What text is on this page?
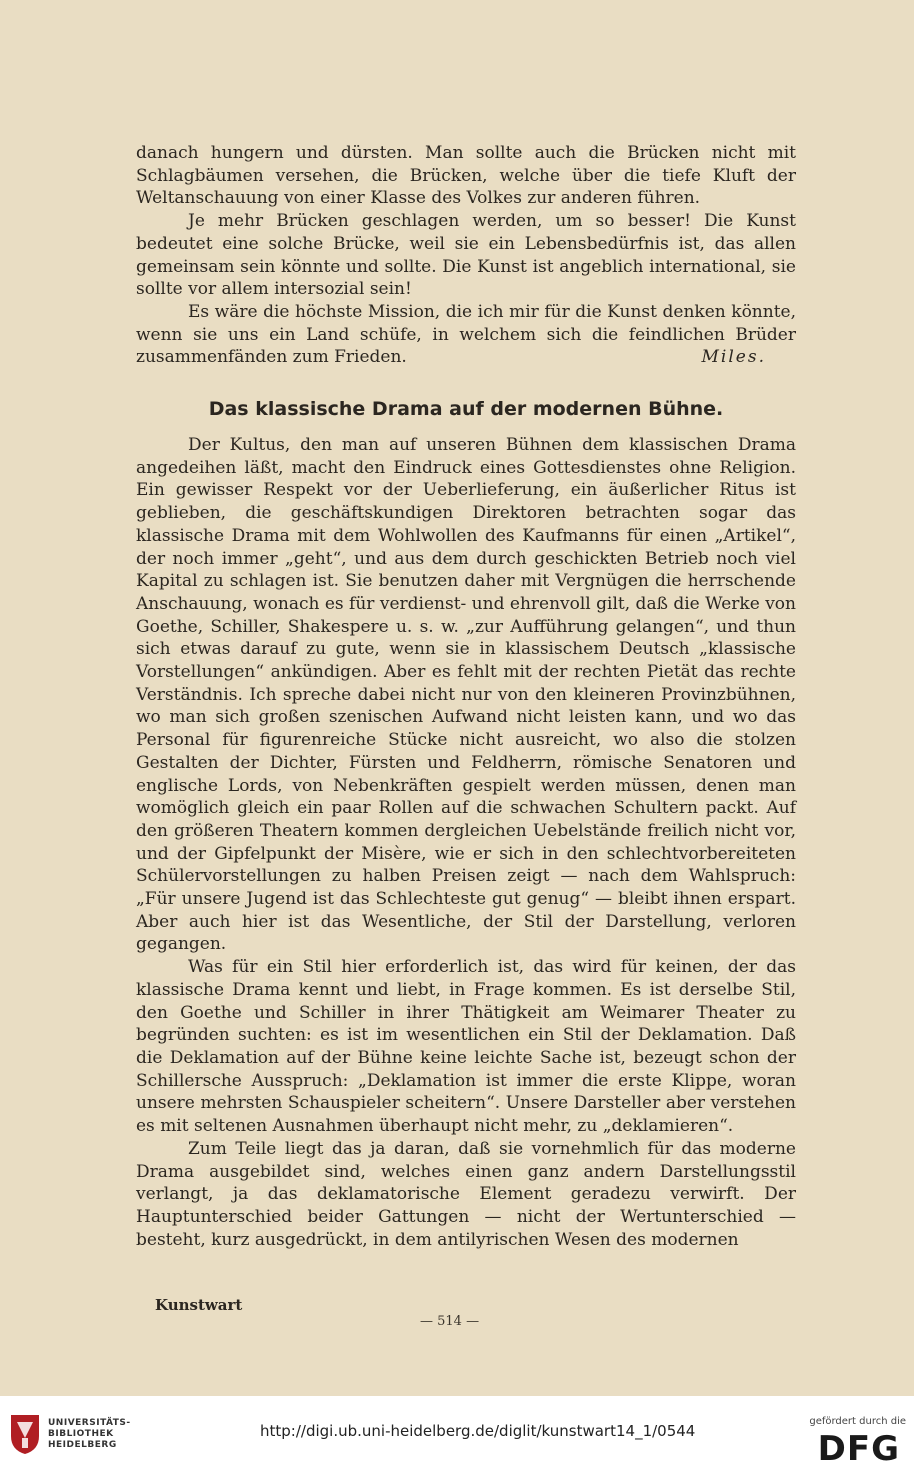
danach hungern und dürsten. Man sollte auch die Brücken nicht mit Schlagbäumen versehen, die Brücken, welche über die tiefe Kluft der Weltanschauung von einer Klasse des Volkes zur anderen führen.

Je mehr Brücken geschlagen werden, um so besser! Die Kunst bedeutet eine solche Brücke, weil sie ein Lebensbedürfnis ist, das allen gemeinsam sein könnte und sollte. Die Kunst ist angeblich international, sie sollte vor allem intersozial sein!

Es wäre die höchste Mission, die ich mir für die Kunst denken könnte, wenn sie uns ein Land schüfe, in welchem sich die feindlichen Brüder zusammenfänden zum Frieden.	Miles.
Das klassische Drama auf der modernen Bühne.

Der Kultus, den man auf unseren Bühnen dem klassischen Drama angedeihen läßt, macht den Eindruck eines Gottesdienstes ohne Religion. Ein gewisser Respekt vor der Ueberlieferung, ein äußerlicher Ritus ist geblieben, die geschäftskundigen Direktoren betrachten sogar das klassische Drama mit dem Wohlwollen des Kaufmanns für einen „Artikel“, der noch immer „geht“, und aus dem durch geschickten Betrieb noch viel Kapital zu schlagen ist. Sie benutzen daher mit Vergnügen die herrschende Anschauung, wonach es für verdienst- und ehrenvoll gilt, daß die Werke von Goethe, Schiller, Shakespere u. s. w. „zur Aufführung gelangen“, und thun sich etwas darauf zu gute, wenn sie in klassischem Deutsch „klassische Vorstellungen“ ankündigen. Aber es fehlt mit der rechten Pietät das rechte Verständnis. Ich spreche dabei nicht nur von den kleineren Provinzbühnen, wo man sich großen szenischen Aufwand nicht leisten kann, und wo das Personal für figurenreiche Stücke nicht ausreicht, wo also die stolzen Gestalten der Dichter, Fürsten und Feldherrn, römische Senatoren und englische Lords, von Nebenkräften gespielt werden müssen, denen man womöglich gleich ein paar Rollen auf die schwachen Schultern packt. Auf den größeren Theatern kommen dergleichen Uebelstände freilich nicht vor, und der Gipfelpunkt der Misère, wie er sich in den schlechtvorbereiteten Schülervorstellungen zu halben Preisen zeigt — nach dem Wahlspruch: „Für unsere Jugend ist das Schlechteste gut genug“ — bleibt ihnen erspart. Aber auch hier ist das Wesentliche, der Stil der Darstellung, verloren gegangen.

Was für ein Stil hier erforderlich ist, das wird für keinen, der das klassische Drama kennt und liebt, in Frage kommen. Es ist derselbe Stil, den Goethe und Schiller in ihrer Thätigkeit am Weimarer Theater zu begründen suchten: es ist im wesentlichen ein Stil der Deklamation. Daß die Deklamation auf der Bühne keine leichte Sache ist, bezeugt schon der Schillersche Ausspruch: „Deklamation ist immer die erste Klippe, woran unsere mehrsten Schauspieler scheitern“. Unsere Darsteller aber verstehen es mit seltenen Ausnahmen überhaupt nicht mehr, zu „deklamieren“.

Zum Teile liegt das ja daran, daß sie vornehmlich für das moderne Drama ausgebildet sind, welches einen ganz andern Darstellungsstil verlangt, ja das deklamatorische Element geradezu verwirft. Der Hauptunterschied beider Gattungen — nicht der Wertunterschied — besteht, kurz ausgedrückt, in dem antilyrischen Wesen des modernen

Kunstwart
— 514 —
UNIVERSITÄTS-
BIBLIOTHEK
HEIDELBERG
http://digi.ub.uni-heidelberg.de/diglit/kunstwart14_1/0544
gefördert durch die
DFG
